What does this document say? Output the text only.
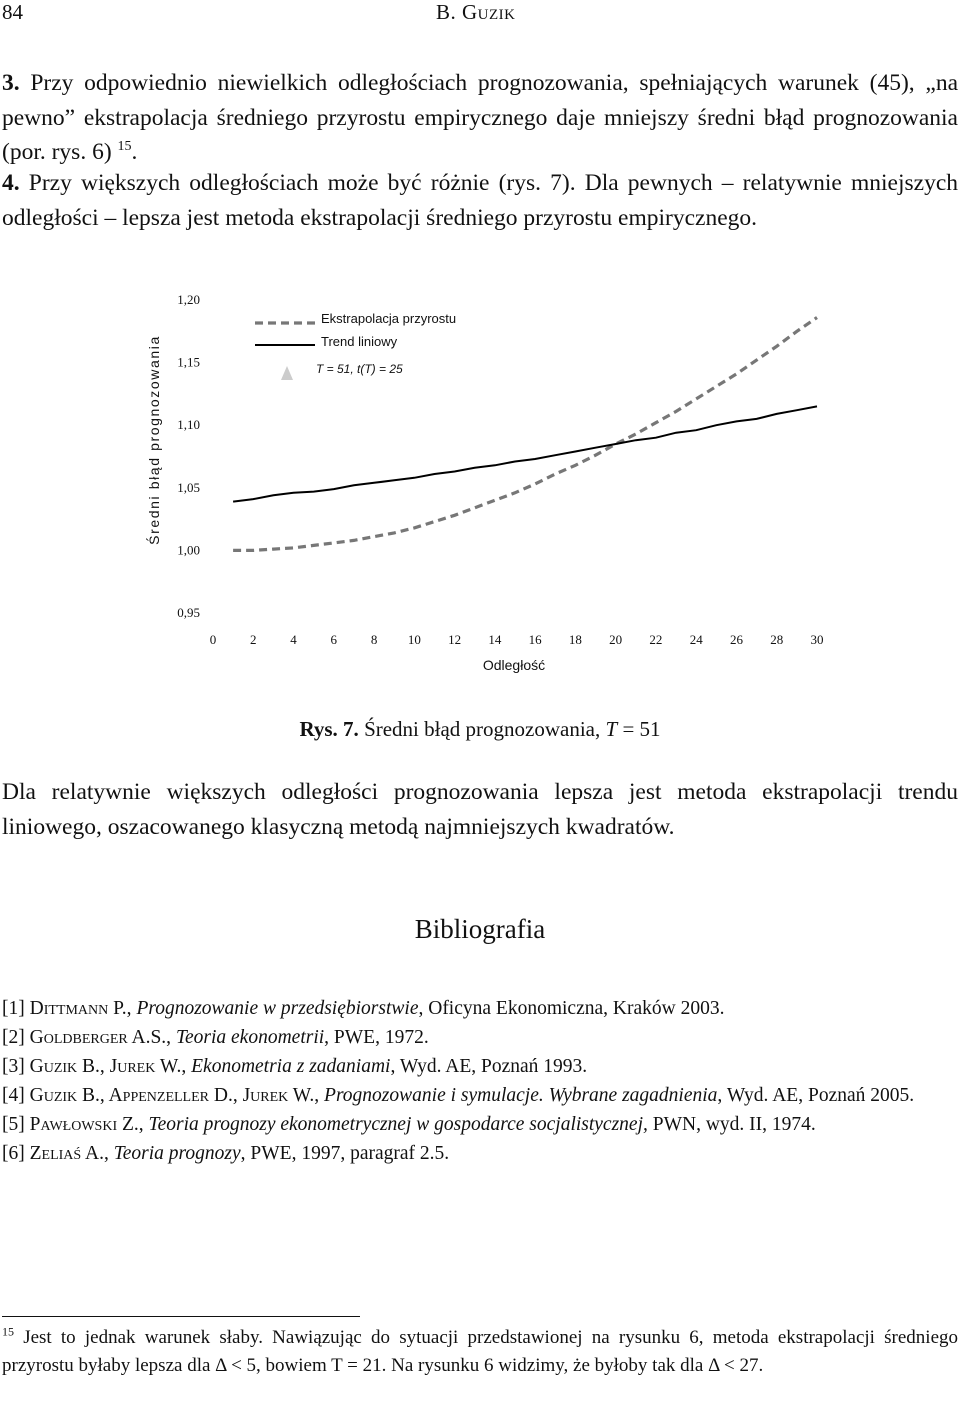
84	B. Guzik

3. Przy odpowiednio niewielkich odległościach prognozowania, spełniających warunek (45), „na pewno” ekstrapolacja średniego przyrostu empirycznego daje mniejszy średni błąd prognozowania (por. rys. 6) $^{15}$.

4. Przy większych odległościach może być różnie (rys. 7). Dla pewnych – relatywnie mniejszych odległości – lepsza jest metoda ekstrapolacji średniego przyrostu empirycznego.

1,20
1,15
1,10
1,05
1,00
0,95
0	2	4	6	8 10 12 14 16 18 20 22 24 26 28 30
Odległość
Średni błąd prognozowania
Ekstrapolacja przyrostu
Trend liniowy
T = 51, t(T) = 25
Rys. 7. Średni błąd prognozowania, T = 51

Dla relatywnie większych odległości prognozowania lepsza jest metoda ekstrapolacji trendu liniowego, oszacowanego klasyczną metodą najmniejszych kwadratów.

Bibliografia
[1] Dittmann P., Prognozowanie w przedsiębiorstwie, Oficyna Ekonomiczna, Kraków 2003.
[2] Goldberger A.S., Teoria ekonometrii, PWE, 1972.
[3] Guzik B., Jurek W., Ekonometria z zadaniami, Wyd. AE, Poznań 1993.
[4] Guzik B., Appenzeller D., Jurek W., Prognozowanie i symulacje. Wybrane zagadnienia, Wyd. AE, Poznań 2005.
[5] Pawłowski Z., Teoria prognozy ekonometrycznej w gospodarce socjalistycznej, PWN, wyd. II, 1974.
[6] Zeliaś A., Teoria prognozy, PWE, 1997, paragraf 2.5.

$^{15}$ Jest to jednak warunek słaby. Nawiązując do sytuacji przedstawionej na rysunku 6, metoda ekstrapolacji średniego przyrostu byłaby lepsza dla Δ < 5, bowiem T = 21. Na rysunku 6 widzimy, że byłoby tak dla Δ < 27.
